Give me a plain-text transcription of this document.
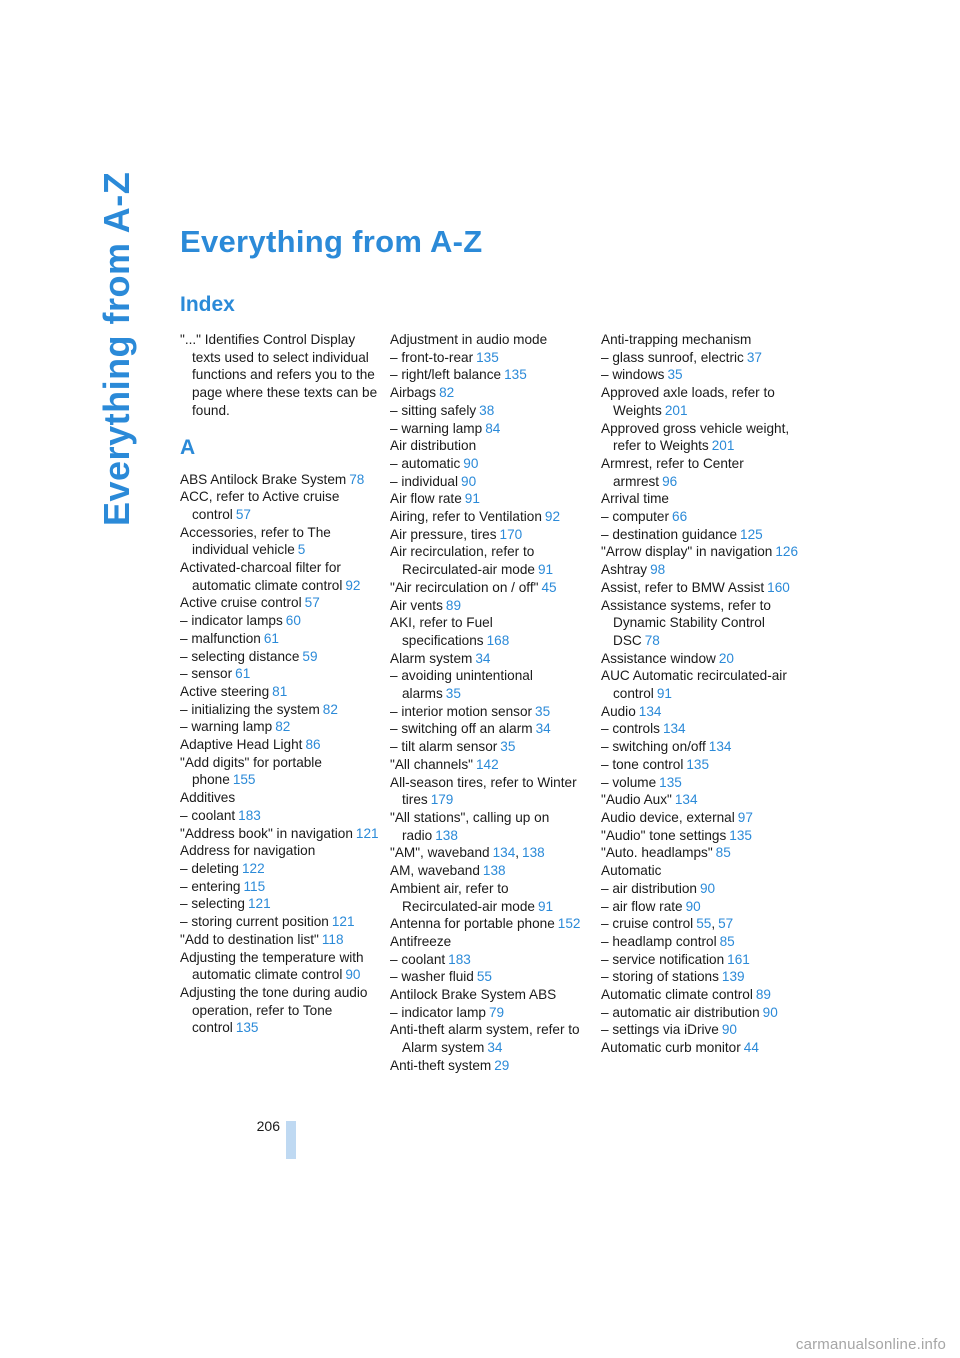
Everything from A-Z Everything from A-Z
Index
"..." Identifies Control Display texts used to select individual functions and refers you to the page where these texts can be found.
A
ABS Antilock Brake System 78
ACC, refer to Active cruise control 57
Accessories, refer to The individual vehicle 5
Activated-charcoal filter for automatic climate control 92
Active cruise control 57
– indicator lamps 60
– malfunction 61
– selecting distance 59
– sensor 61
Active steering 81
– initializing the system 82
– warning lamp 82
Adaptive Head Light 86
"Add digits" for portable phone 155
Additives
– coolant 183
"Address book" in navigation 121
Address for navigation
– deleting 122
– entering 115
– selecting 121
– storing current position 121
"Add to destination list" 118
Adjusting the temperature with automatic climate control 90
Adjusting the tone during audio operation, refer to Tone control 135
Adjustment in audio mode
– front-to-rear 135
– right/left balance 135
Airbags 82
– sitting safely 38
– warning lamp 84
Air distribution
– automatic 90
– individual 90
Air flow rate 91
Airing, refer to Ventilation 92
Air pressure, tires 170
Air recirculation, refer to Recirculated-air mode 91
"Air recirculation on / off" 45
Air vents 89
AKI, refer to Fuel specifications 168
Alarm system 34
– avoiding unintentional alarms 35
– interior motion sensor 35
– switching off an alarm 34
– tilt alarm sensor 35
"All channels" 142
All-season tires, refer to Winter tires 179
"All stations", calling up on radio 138
"AM", waveband 134, 138
AM, waveband 138
Ambient air, refer to Recirculated-air mode 91
Antenna for portable phone 152
Antifreeze
– coolant 183
– washer fluid 55
Antilock Brake System ABS
– indicator lamp 79
Anti-theft alarm system, refer to Alarm system 34
Anti-theft system 29
Anti-trapping mechanism
– glass sunroof, electric 37
– windows 35
Approved axle loads, refer to Weights 201
Approved gross vehicle weight, refer to Weights 201
Armrest, refer to Center armrest 96
Arrival time
– computer 66
– destination guidance 125
"Arrow display" in navigation 126
Ashtray 98
Assist, refer to BMW Assist 160
Assistance systems, refer to Dynamic Stability Control DSC 78
Assistance window 20
AUC Automatic recirculated-air control 91
Audio 134
– controls 134
– switching on/off 134
– tone control 135
– volume 135
"Audio Aux" 134
Audio device, external 97
"Audio" tone settings 135
"Auto. headlamps" 85
Automatic
– air distribution 90
– air flow rate 90
– cruise control 55, 57
– headlamp control 85
– service notification 161
– storing of stations 139
Automatic climate control 89
– automatic air distribution 90
– settings via iDrive 90
Automatic curb monitor 44
206
carmanualsonline.info
